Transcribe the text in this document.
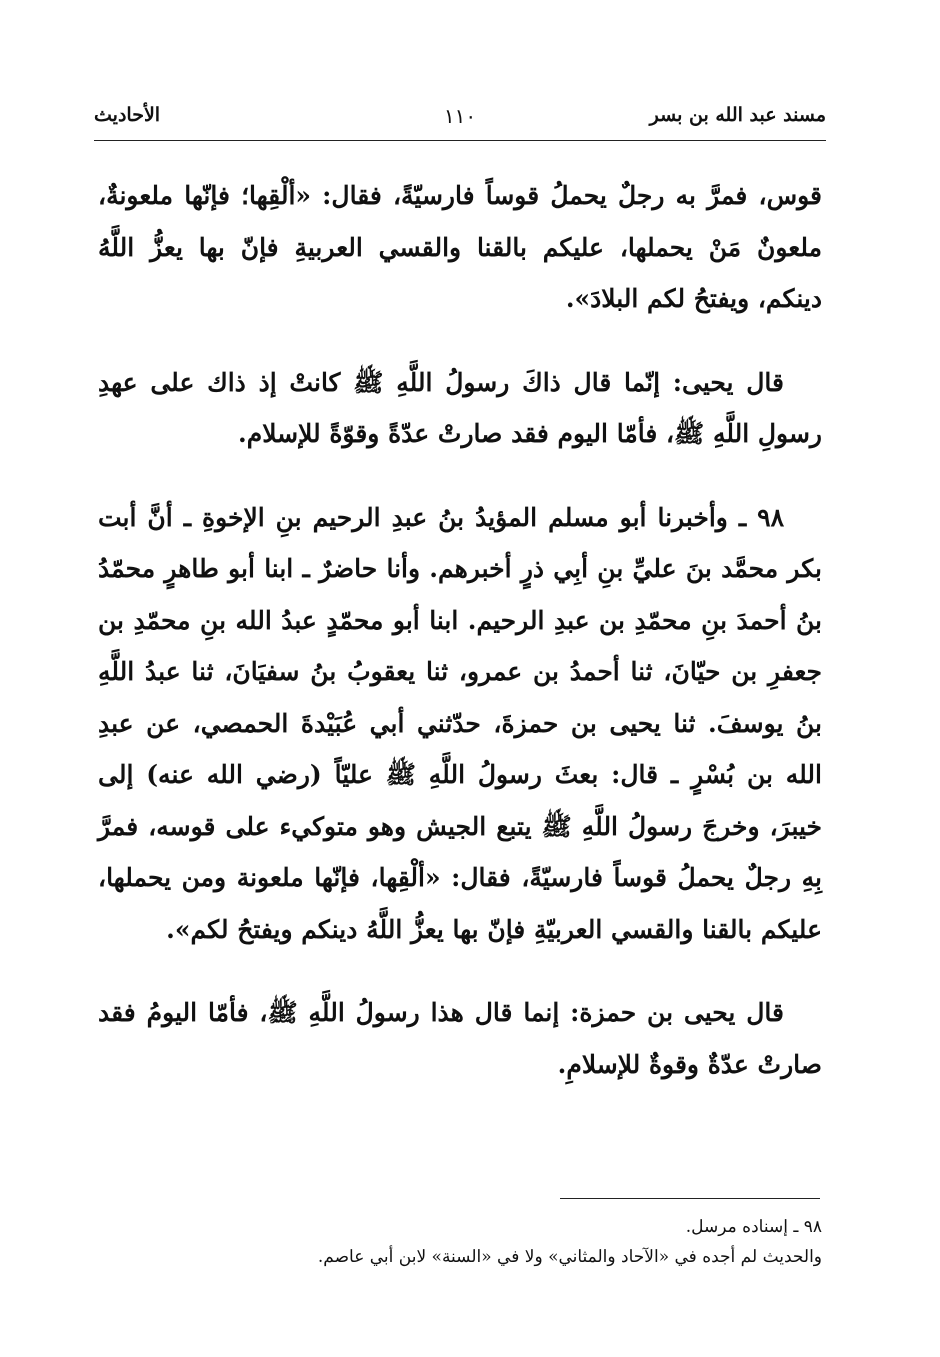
مسند عبد الله بن بسر
١١٠
الأحاديث

قوس، فمرَّ به رجلٌ يحملُ قوساً فارسيّةً، فقال: «ألْقِها؛ فإنّها ملعونةٌ، ملعونٌ مَنْ يحملها، عليكم بالقنا والقسي العربيةِ فإنّ بها يعزُّ اللَّهُ دينكم، ويفتحُ لكم البلادَ».

قال يحيى: إنّما قال ذاكَ رسولُ اللَّهِ ﷺ كانتْ إذ ذاك على عهدِ رسولِ اللَّهِ ﷺ، فأمّا اليوم فقد صارتْ عدّةً وقوّةً للإسلام.

٩٨ ـ وأخبرنا أبو مسلم المؤيدُ بنُ عبدِ الرحيم بنِ الإخوةِ ـ أنَّ أبت بكر محمَّد بنَ عليِّ بنِ أبِي ذرٍ أخبرهم. وأنا حاضرٌ ـ ابنا أبو طاهرٍ محمّدُ بنُ أحمدَ بنِ محمّدِ بن عبدِ الرحيم. ابنا أبو محمّدٍ عبدُ الله بنِ محمّدِ بن جعفرِ بن حيّانَ، ثنا أحمدُ بن عمرو، ثنا يعقوبُ بنُ سفيَانَ، ثنا عبدُ اللَّهِ بنُ يوسفَ. ثنا يحيى بن حمزةَ، حدّثني أبي عُبَيْدةَ الحمصي، عن عبدِ الله بن بُسْرٍ ـ قال: بعثَ رسولُ اللَّهِ ﷺ عليّاً (رضي الله عنه) إلى خيبرَ، وخرجَ رسولُ اللَّهِ ﷺ يتبع الجيش وهو متوكيء على قوسه، فمرَّ بِهِ رجلٌ يحملُ قوساً فارسيّةً، فقال: «ألْقِها، فإنّها ملعونة ومن يحملها، عليكم بالقنا والقسي العربيّةِ فإنّ بها يعزُّ اللَّهُ دينكم ويفتحُ لكم».

قال يحيى بن حمزة: إنما قال هذا رسولُ اللَّهِ ﷺ، فأمّا اليومُ فقد صارتْ عدّةٌ وقوةٌ للإسلامِ.

٩٨ ـ إسناده مرسل.
والحديث لم أجده في «الآحاد والمثاني» ولا في «السنة» لابن أبي عاصم.
